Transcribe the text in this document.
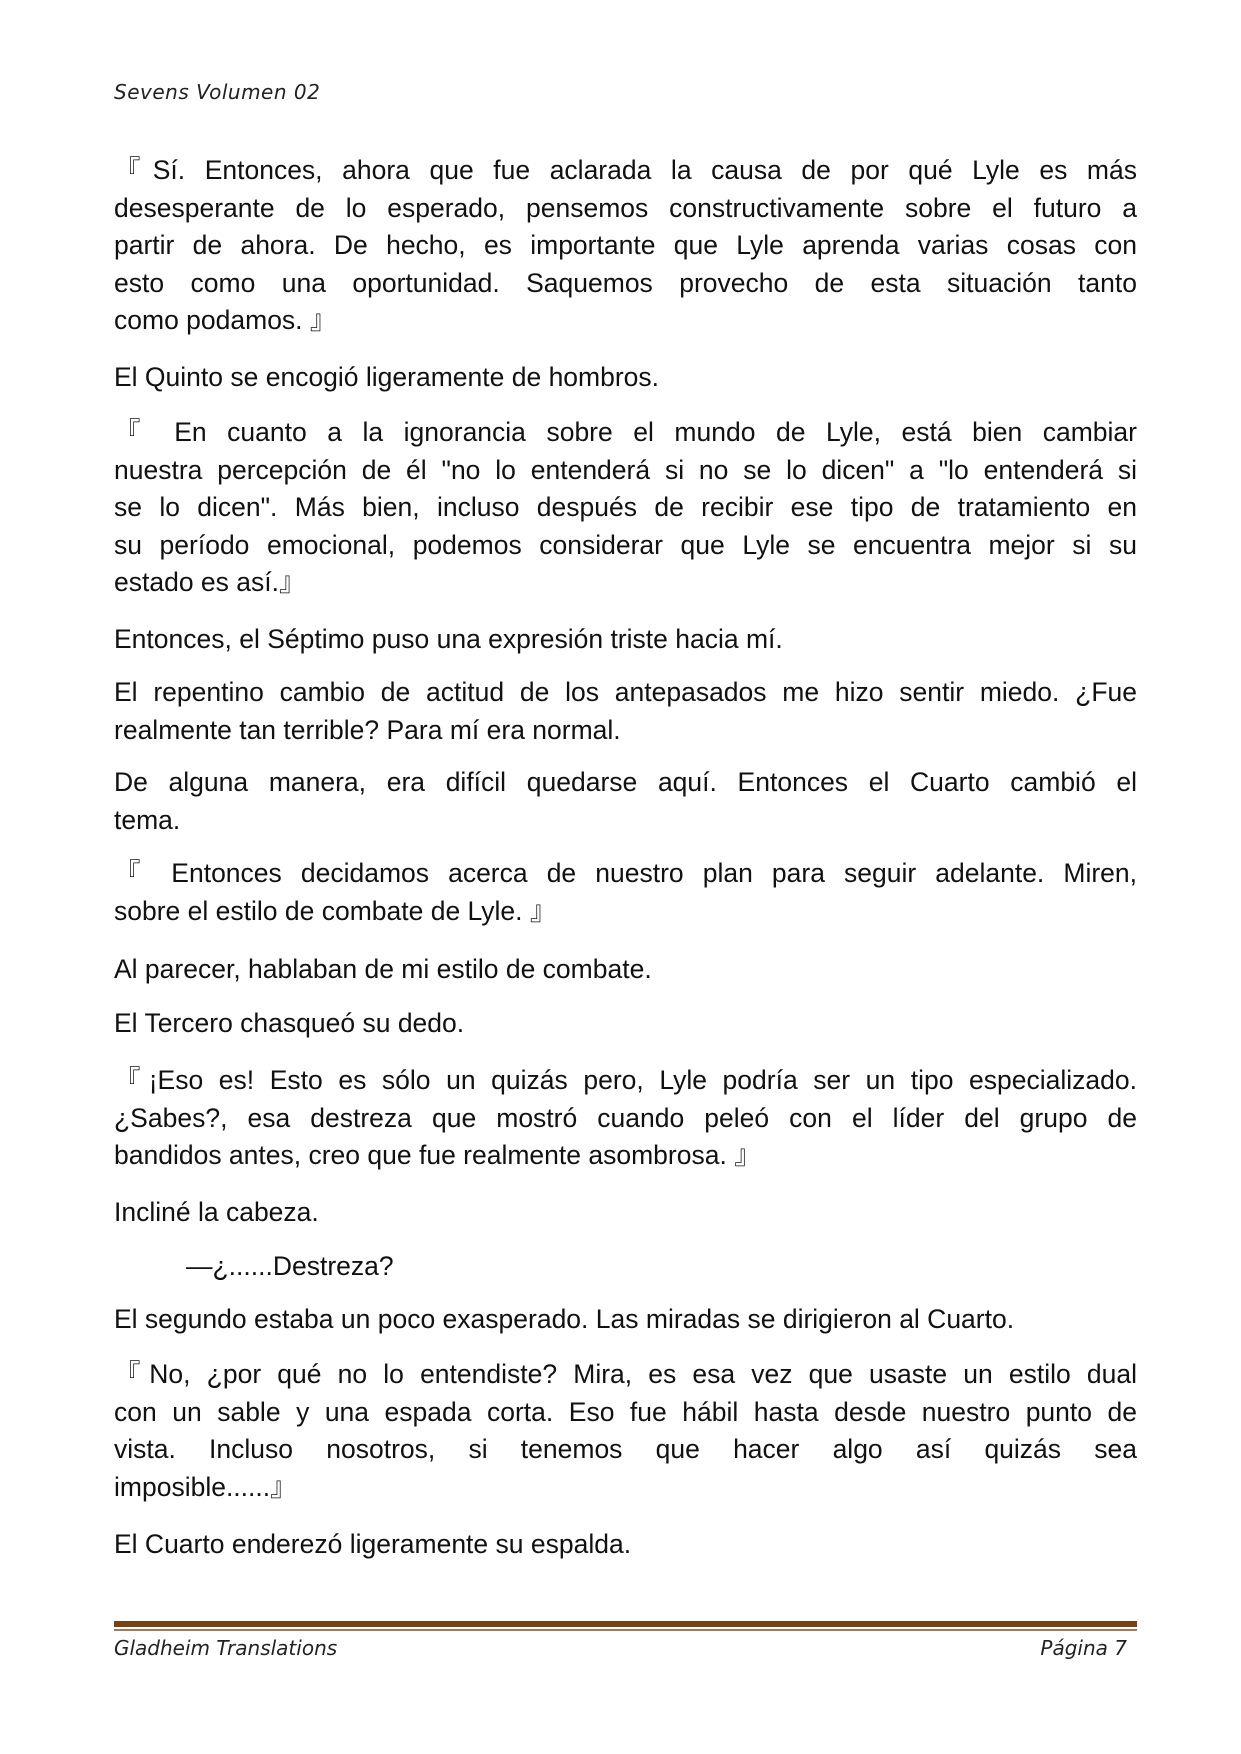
Sevens Volumen 02
『Sí. Entonces, ahora que fue aclarada la causa de por qué Lyle es más
desesperante de lo esperado, pensemos constructivamente sobre el futuro a
partir de ahora. De hecho, es importante que Lyle aprenda varias cosas con
esto como una oportunidad. Saquemos provecho de esta situación tanto
como podamos. 』
El Quinto se encogió ligeramente de hombros.
『 En cuanto a la ignorancia sobre el mundo de Lyle, está bien cambiar
nuestra percepción de él "no lo entenderá si no se lo dicen" a "lo entenderá si
se lo dicen". Más bien, incluso después de recibir ese tipo de tratamiento en
su período emocional, podemos considerar que Lyle se encuentra mejor si su
estado es así.』
Entonces, el Séptimo puso una expresión triste hacia mí.
El repentino cambio de actitud de los antepasados me hizo sentir miedo. ¿Fue
realmente tan terrible? Para mí era normal.
De alguna manera, era difícil quedarse aquí. Entonces el Cuarto cambió el
tema.
『 Entonces decidamos acerca de nuestro plan para seguir adelante. Miren,
sobre el estilo de combate de Lyle. 』
Al parecer, hablaban de mi estilo de combate.
El Tercero chasqueó su dedo.
『¡Eso es! Esto es sólo un quizás pero, Lyle podría ser un tipo especializado.
¿Sabes?, esa destreza que mostró cuando peleó con el líder del grupo de
bandidos antes, creo que fue realmente asombrosa. 』
Incliné la cabeza.
—¿......Destreza?
El segundo estaba un poco exasperado. Las miradas se dirigieron al Cuarto.
『No, ¿por qué no lo entendiste? Mira, es esa vez que usaste un estilo dual
con un sable y una espada corta. Eso fue hábil hasta desde nuestro punto de
vista. Incluso nosotros, si tenemos que hacer algo así quizás sea
imposible......』
El Cuarto enderezó ligeramente su espalda.
Gladheim Translations	Página 7
